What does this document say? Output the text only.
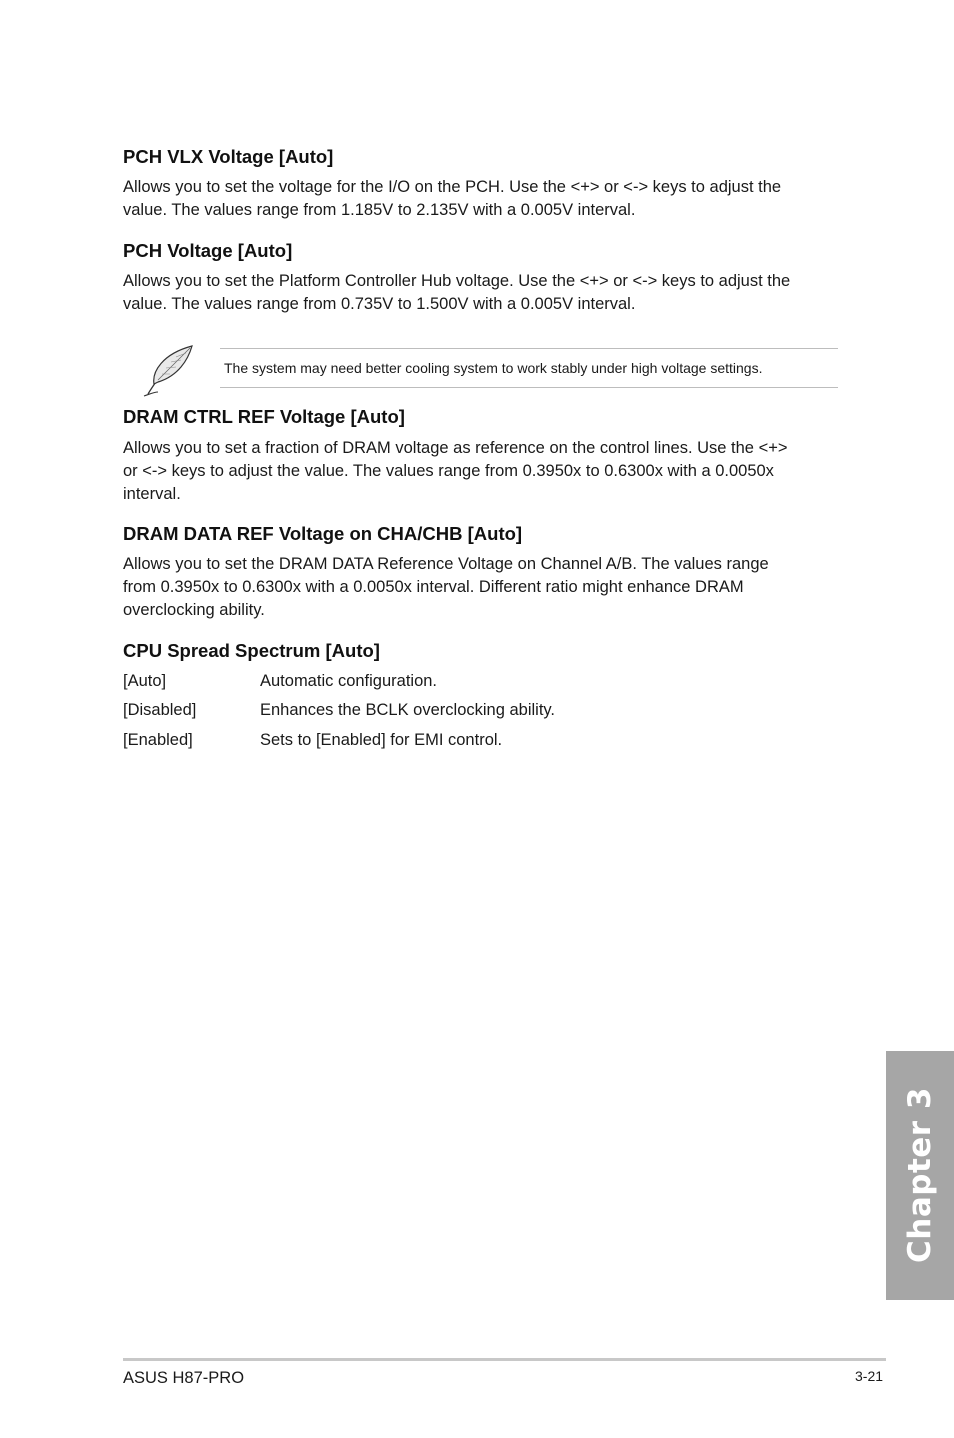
PCH VLX Voltage [Auto]
Allows you to set the voltage for the I/O on the PCH. Use the <+> or <-> keys to adjust the
value. The values range from 1.185V to 2.135V with a 0.005V interval.
PCH Voltage [Auto]
Allows you to set the Platform Controller Hub voltage. Use the <+> or <-> keys to adjust the
value. The values range from 0.735V to 1.500V with a 0.005V interval.
DRAM CTRL REF Voltage [Auto]
Allows you to set a fraction of DRAM voltage as reference on the control lines. Use the <+>
or <-> keys to adjust the value. The values range from 0.3950x to 0.6300x with a 0.0050x
interval.
DRAM DATA REF Voltage on CHA/CHB [Auto]
Allows you to set the DRAM DATA Reference Voltage on Channel A/B. The values range
from 0.3950x to 0.6300x with a 0.0050x interval. Different ratio might enhance DRAM
overclocking ability.
CPU Spread Spectrum [Auto]
[Auto]	Automatic configuration.
[Disabled]	Enhances the BCLK overclocking ability.
[Enabled]	Sets to [Enabled] for EMI control.
The system may need better cooling system to work stably under high voltage settings.
Chapter 3
ASUS H87-PRO	3-21
